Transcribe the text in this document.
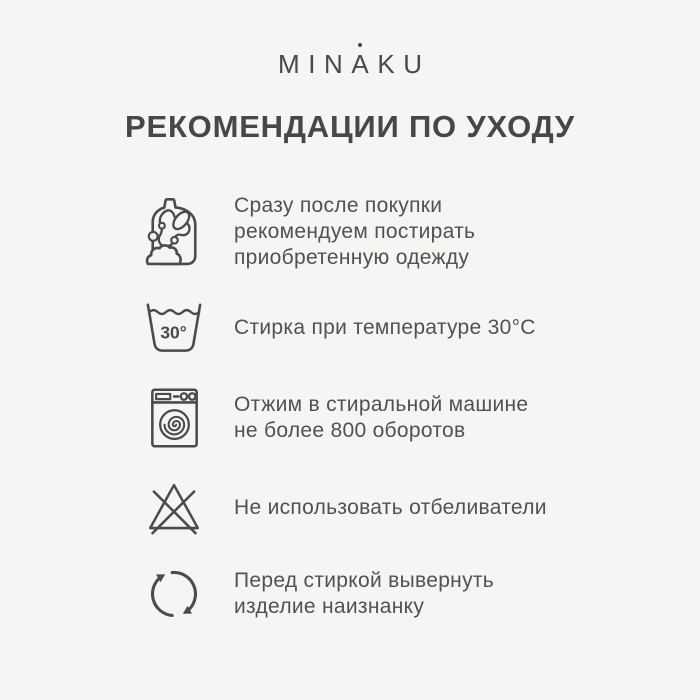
MINA
KU
РЕКОМЕНДАЦИИ ПО УХОДУ
Сразу после покупки
рекомендуем постирать
приобретенную одежду
30° Стирка при температуре 30°С
Отжим в стиральной машине
не более 800 оборотов
Не использовать отбеливатели
Перед стиркой вывернуть
изделие наизнанку
